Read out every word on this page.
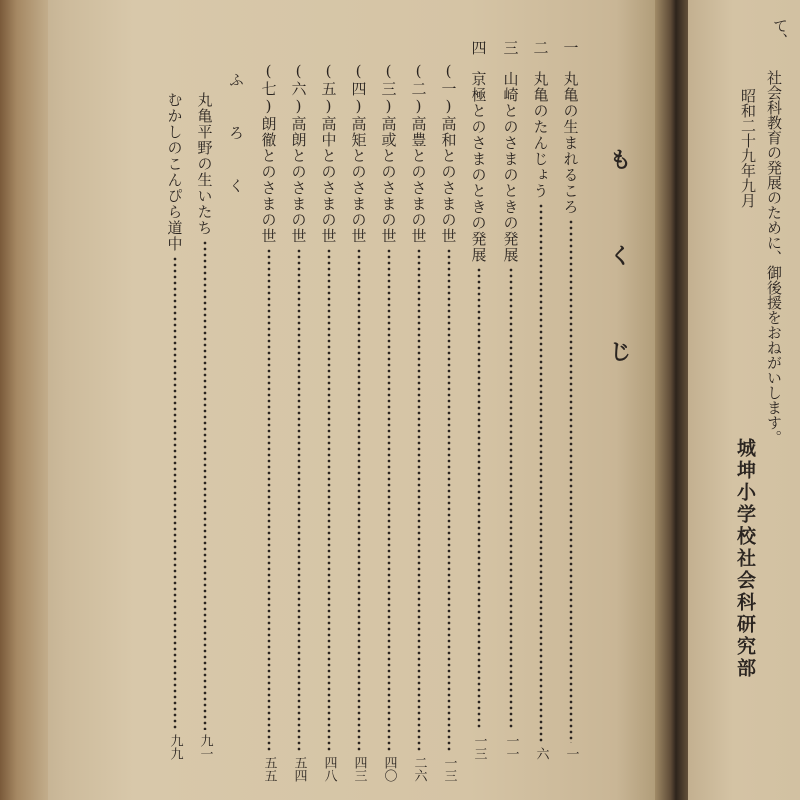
も
く
じ
一
丸亀の生まれるころ
一
二
丸亀のたんじょう
六
三
山崎とのさまのときの発展
一一
四
京極とのさまのときの発展
一三
(一)高和とのさまの世
一三
(二)高豊とのさまの世
二六
(三)高或とのさまの世
四〇
(四)高矩とのさまの世
四三
(五)高中とのさまの世
四八
(六)高朗とのさまの世
五四
(七)朗徹とのさまの世
五五
ふ ろ く
丸亀平野の生いたち
九一
むかしのこんぴら道中
九九
て、
社会科教育の発展のために、御後援をおねがいします。
昭和二十九年九月
城坤小学校社会科研究部
